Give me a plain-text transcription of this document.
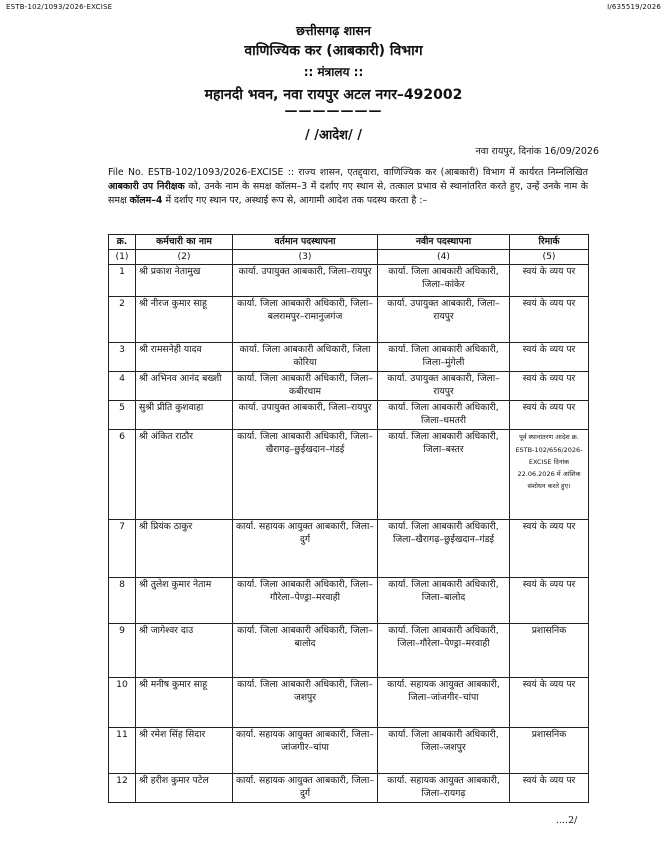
ESTB-102/1093/2026-EXCISE	I/635519/2026
छत्तीसगढ़ शासन
वाणिज्यिक कर (आबकारी) विभाग
:: मंत्रालय ::
महानदी भवन, नवा रायपुर अटल नगर–492002
———————
/ /आदेश/ /
नवा रायपुर, दिनांक 16/09/2026
File No. ESTB-102/1093/2026-EXCISE :: राज्य शासन, एतद्द्वारा, वाणिज्यिक कर (आबकारी) विभाग में कार्यरत निम्नलिखित आबकारी उप निरीक्षक को, उनके नाम के समक्ष कॉलम–3 में दर्शाए गए स्थान से, तत्काल प्रभाव से स्थानांतरित करते हुए, उन्हें उनके नाम के समक्ष कॉलम–4 में दर्शाए गए स्थान पर, अस्थाई रूप से, आगामी आदेश तक पदस्थ करता है :–
क्र.	कर्मचारी का नाम	वर्तमान पदस्थापना	नवीन पदस्थापना	रिमार्क
(1)	(2)	(3)	(4)	(5)
1	श्री प्रकाश नेतामुख	कार्या. उपायुक्त आबकारी, जिला–रायपुर	कार्या. जिला आबकारी अधिकारी, जिला–कांकेर	स्वयं के व्यय पर
2	श्री नीरज कुमार साहू	कार्या. जिला आबकारी अधिकारी, जिला–बलरामपुर–रामानुजगंज	कार्या. उपायुक्त आबकारी, जिला–रायपुर	स्वयं के व्यय पर
3	श्री रामसनेही यादव	कार्या. जिला आबकारी अधिकारी, जिला कोरिया	कार्या. जिला आबकारी अधिकारी, जिला–मुंगेली	स्वयं के व्यय पर
4	श्री अभिनव आनंद बख्शी	कार्या. जिला आबकारी अधिकारी, जिला–कबीरधाम	कार्या. उपायुक्त आबकारी, जिला–रायपुर	स्वयं के व्यय पर
5	सुश्री प्रीति कुशवाहा	कार्या. उपायुक्त आबकारी, जिला–रायपुर	कार्या. जिला आबकारी अधिकारी, जिला–धमतरी	स्वयं के व्यय पर
6	श्री अंकित राठौर	कार्या. जिला आबकारी अधिकारी, जिला–खैरागढ़–छुईखदान–गंडई	कार्या. जिला आबकारी अधिकारी, जिला–बस्तर	पूर्व स्थानांतरण आदेश क्र. ESTB-102/656/2026-EXCISE दिनांक 22.06.2026 में आंशिक संशोधन करते हुए।
7	श्री प्रियंक ठाकुर	कार्या. सहायक आयुक्त आबकारी, जिला–दुर्ग	कार्या. जिला आबकारी अधिकारी, जिला–खैरागढ़–छुईखदान–गंडई	स्वयं के व्यय पर
8	श्री तुलेश कुमार नेताम	कार्या. जिला आबकारी अधिकारी, जिला–गौरेला–पेण्ड्रा–मरवाही	कार्या. जिला आबकारी अधिकारी, जिला–बालोद	स्वयं के व्यय पर
9	श्री जागेश्वर दाउ	कार्या. जिला आबकारी अधिकारी, जिला–बालोद	कार्या. जिला आबकारी अधिकारी, जिला–गौरेला–पेण्ड्रा–मरवाही	प्रशासनिक
10	श्री मनीष कुमार साहू	कार्या. जिला आबकारी अधिकारी, जिला–जशपुर	कार्या. सहायक आयुक्त आबकारी, जिला–जांजगीर–चांपा	स्वयं के व्यय पर
11	श्री रमेश सिंह सिदार	कार्या. सहायक आयुक्त आबकारी, जिला–जांजगीर–चांपा	कार्या. जिला आबकारी अधिकारी, जिला–जशपुर	प्रशासनिक
12	श्री हरीश कुमार पटेल	कार्या. सहायक आयुक्त आबकारी, जिला–दुर्ग	कार्या. सहायक आयुक्त आबकारी, जिला–रायगढ़	स्वयं के व्यय पर
....2/
